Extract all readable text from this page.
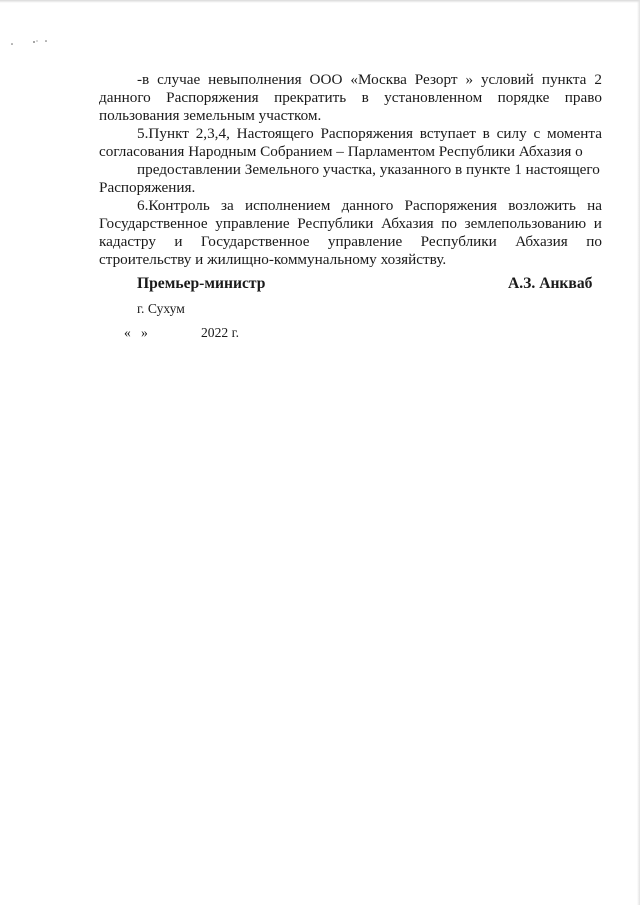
-в случае невыполнения ООО «Москва Резорт » условий пункта 2
данного Распоряжения прекратить в установленном порядке право
пользования земельным участком.
5.Пункт 2,3,4, Настоящего Распоряжения вступает в силу с момента
согласования Народным Собранием – Парламентом Республики Абхазия о
предоставлении Земельного участка, указанного в пункте 1 настоящего
Распоряжения.
6.Контроль за исполнением данного Распоряжения возложить на
Государственное управление Республики Абхазия по землепользованию и
кадастру и Государственное управление Республики Абхазия по
строительству и жилищно-коммунальному хозяйству.
Премьер-министр	А.З. Анкваб
г. Сухум
«   »	2022 г.
